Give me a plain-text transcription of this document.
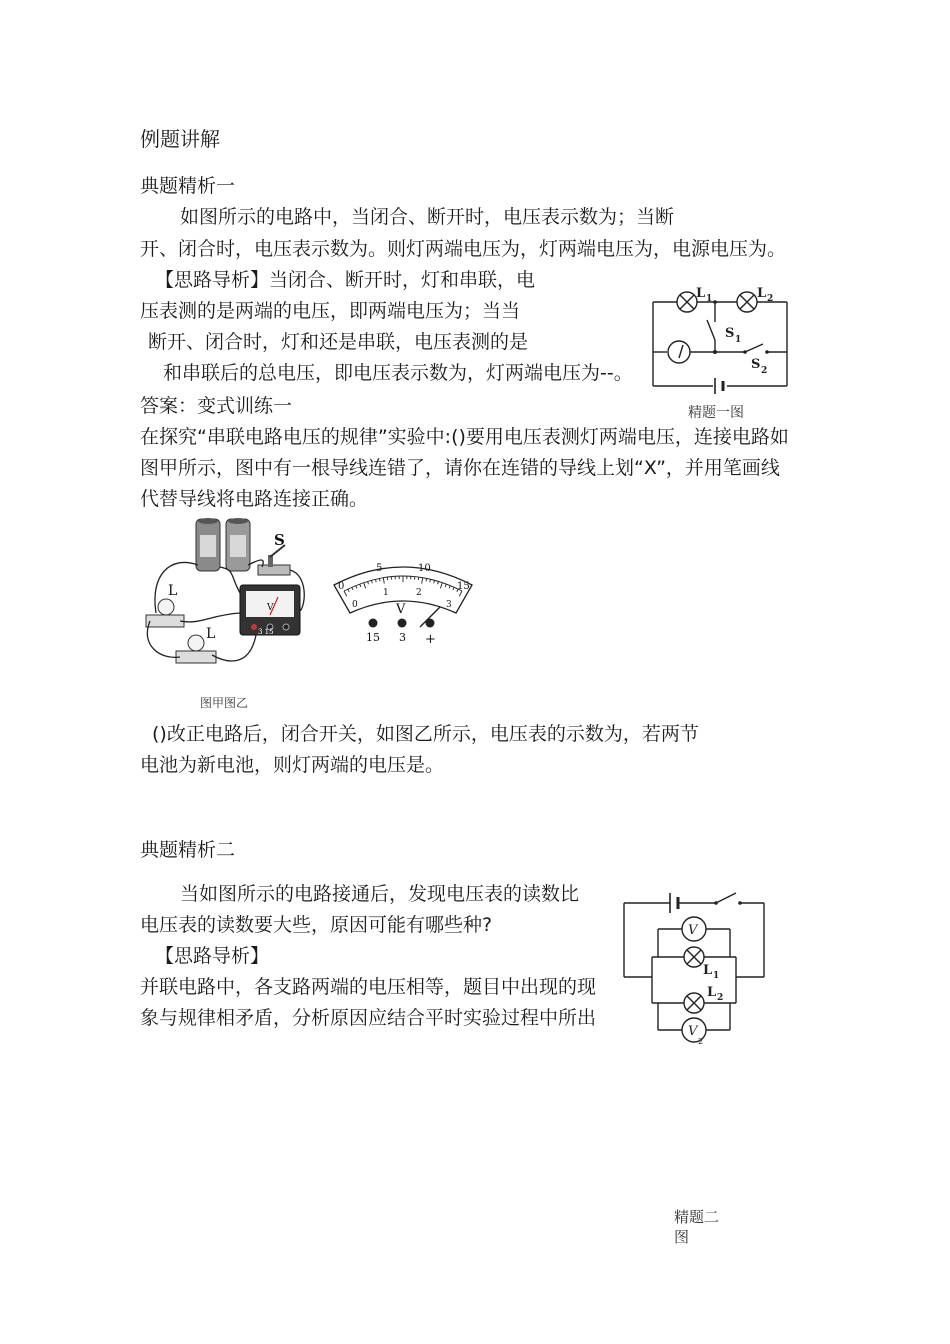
例题讲解
典题精析一
如图所示的电路中，当闭合、断开时，电压表示数为；当断
开、闭合时，电压表示数为。则灯两端电压为，灯两端电压为，电源电压为。
【思路导析】当闭合、断开时，灯和串联，电
压表测的是两端的电压，即两端电压为；当当
断开、闭合时，灯和还是串联，电压表测的是
和串联后的总电压，即电压表示数为，灯两端电压为--。
答案：变式训练一
L 1	L 2
S 1
S 2
精题一图
在探究“串联电路电压的规律”实验中:()要用电压表测灯两端电压，连接电路如
图甲所示，图中有一根导线连错了，请你在连错的导线上划“X”，并用笔画线
代替导线将电路连接正确。
S
L
L
V
3 15
0
5	10
15
0
1	2
3
V
15 3 +
图甲图乙
()改正电路后，闭合开关，如图乙所示，电压表的示数为，若两节
电池为新电池，则灯两端的电压是。
典题精析二
当如图所示的电路接通后，发现电压表的读数比
电压表的读数要大些，原因可能有哪些种?
【思路导析】
并联电路中，各支路两端的电压相等，题目中出现的现
象与规律相矛盾，分析原因应结合平时实验过程中所出
V
V
L 1
L 2
2
精题二
图
